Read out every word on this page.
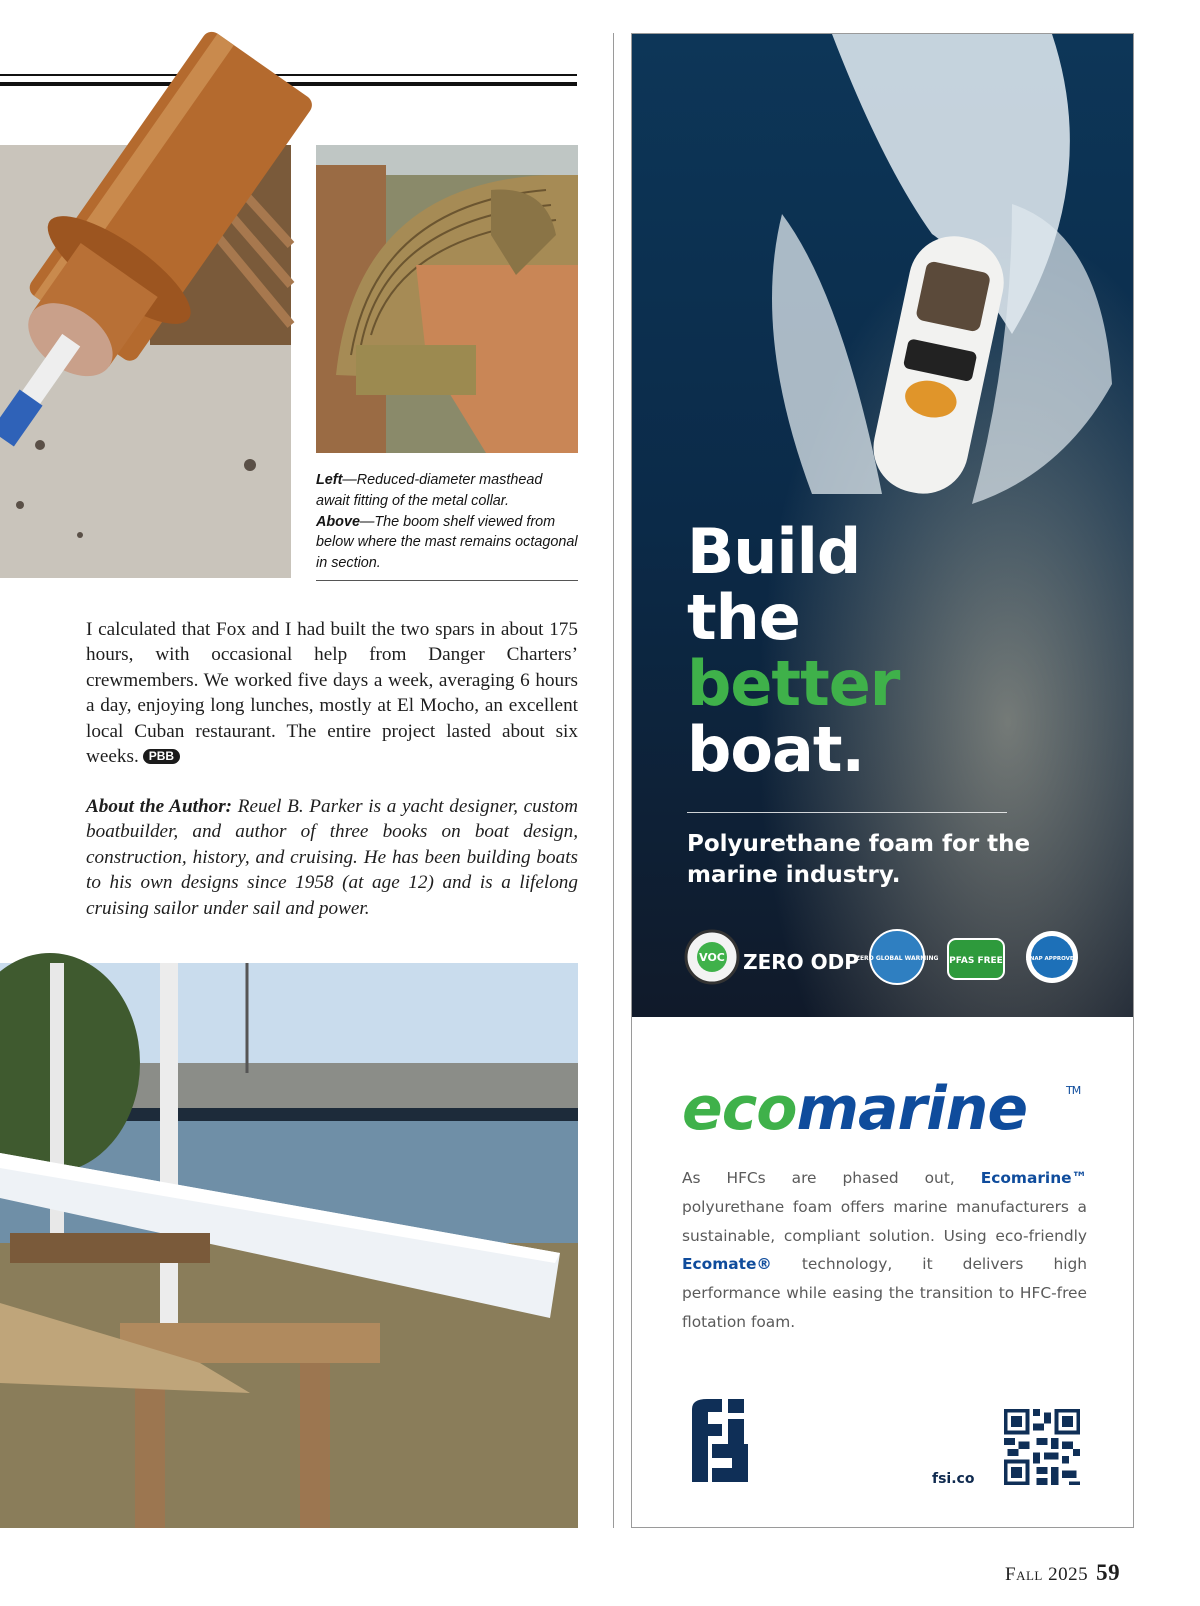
Left—Reduced-diameter masthead await fitting of the metal collar.
Above—The boom shelf viewed from below where the mast remains octagonal in section.
I calculated that Fox and I had built the two spars in about 175 hours, with occasional help from Danger Charters’ crewmembers. We worked five days a week, averaging 6 hours a day, enjoying long lunches, mostly at El Mocho, an excellent local Cuban restaurant. The entire project lasted about six weeks. PBB
About the Author: Reuel B. Parker is a yacht designer, custom boatbuilder, and author of three books on boat design, construction, history, and cruising. He has been building boats to his own designs since 1958 (at age 12) and is a lifelong cruising sailor under sail and power.
Build
the
better
boat.
Polyurethane foam for the marine industry.
VOC ZERO ODP
ZERO GLOBAL WARMING PFAS FREE	SNAP APPROVED
ecomarine	TM
As HFCs are phased out, Ecomarine™ polyurethane foam offers marine manufacturers a sustainable, compliant solution. Using eco-friendly Ecomate® technology, it delivers high performance while easing the transition to HFC-free flotation foam.
fsi.co
Fall 2025 59
